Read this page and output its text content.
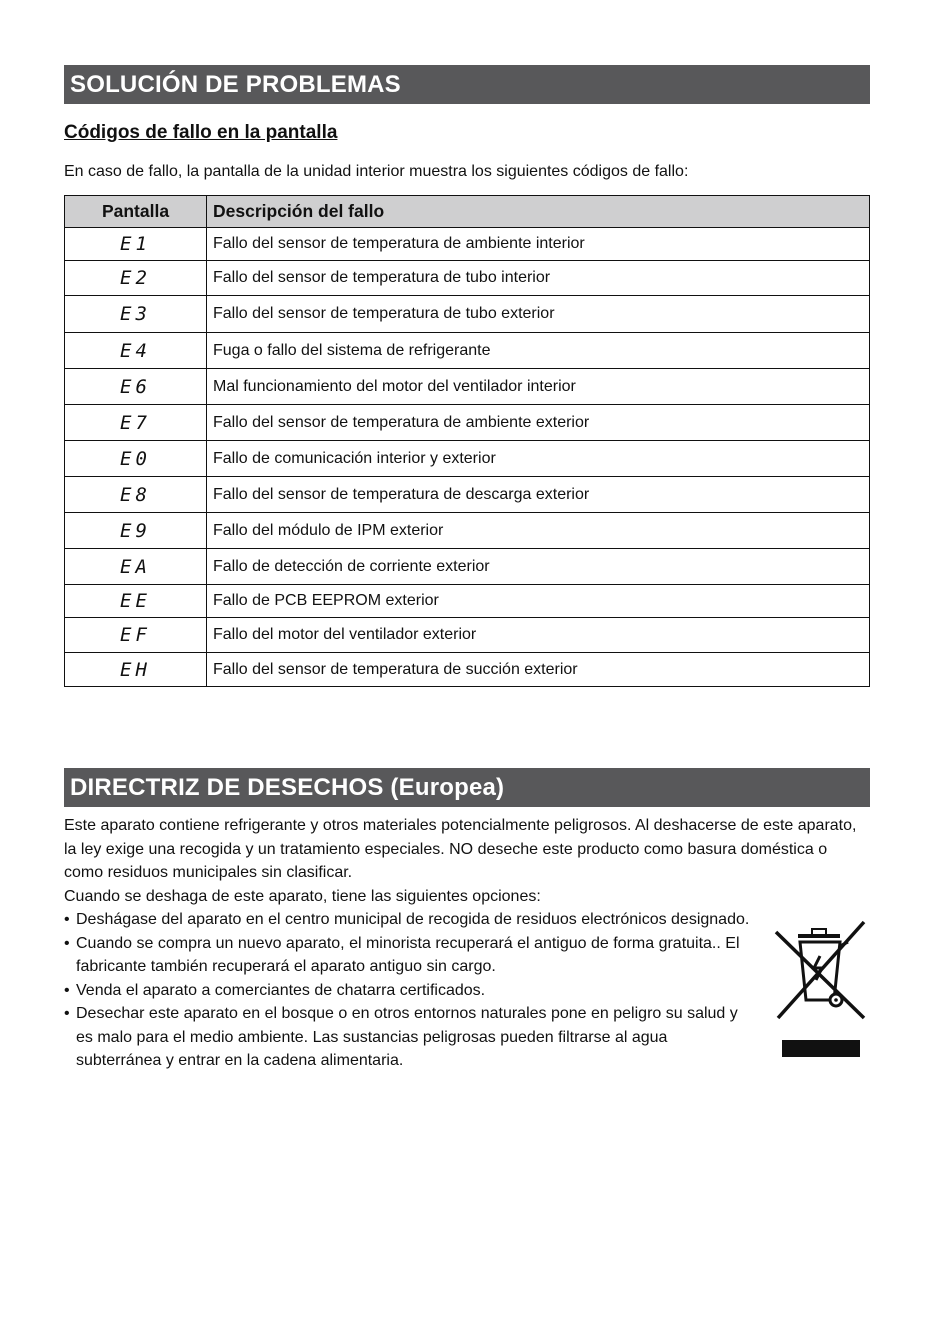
SOLUCIÓN DE PROBLEMAS
Códigos de fallo en la pantalla
En caso de fallo, la pantalla de la unidad interior muestra los siguientes códigos de fallo:
Pantalla	Descripción del fallo
E1	Fallo del sensor de temperatura de ambiente interior
E2	Fallo del sensor de temperatura de tubo interior
E3	Fallo del sensor de temperatura de tubo exterior
E4	Fuga o fallo del sistema de refrigerante
E6	Mal funcionamiento del motor del ventilador interior
E7	Fallo del sensor de temperatura de ambiente exterior
E0	Fallo de comunicación interior y exterior
E8	Fallo del sensor de temperatura de descarga exterior
E9	Fallo del módulo de IPM exterior
EA	Fallo de detección de corriente exterior
EE	Fallo de PCB EEPROM exterior
EF	Fallo del motor del ventilador exterior
EH	Fallo del sensor de temperatura de succión exterior
DIRECTRIZ DE DESECHOS (Europea)

Este aparato contiene refrigerante y otros materiales potencialmente peligrosos. Al deshacerse de este aparato, la ley exige una recogida y un tratamiento especiales. NO deseche este producto como basura doméstica o como residuos municipales sin clasificar.

Cuando se deshaga de este aparato, tiene las siguientes opciones:

• Deshágase del aparato en el centro municipal de recogida de residuos electrónicos designado.
• Cuando se compra un nuevo aparato, el minorista recuperará el antiguo de forma gratuita.. El fabricante también recuperará el aparato antiguo sin cargo.
• Venda el aparato a comerciantes de chatarra certificados.
• Desechar este aparato en el bosque o en otros entornos naturales pone en peligro su salud y es malo para el medio ambiente. Las sustancias peligrosas pueden filtrarse al agua subterránea y entrar en la cadena alimentaria.
